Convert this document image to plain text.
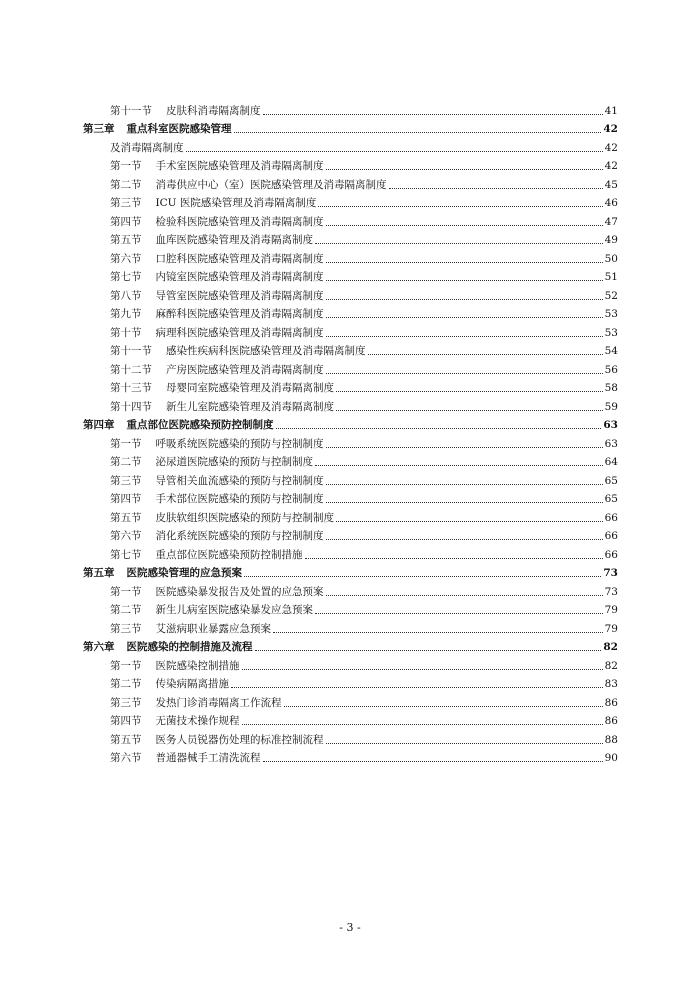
第十一节 皮肤科消毒隔离制度	41
第三章 重点科室医院感染管理	42
及消毒隔离制度	42
第一节 手术室医院感染管理及消毒隔离制度	42
第二节 消毒供应中心（室）医院感染管理及消毒隔离制度	45
第三节 ICU 医院感染管理及消毒隔离制度	46
第四节 检验科医院感染管理及消毒隔离制度	47
第五节 血库医院感染管理及消毒隔离制度	49
第六节 口腔科医院感染管理及消毒隔离制度	50
第七节 内镜室医院感染管理及消毒隔离制度	51
第八节 导管室医院感染管理及消毒隔离制度	52
第九节 麻醉科医院感染管理及消毒隔离制度	53
第十节 病理科医院感染管理及消毒隔离制度	53
第十一节 感染性疾病科医院感染管理及消毒隔离制度	54
第十二节 产房医院感染管理及消毒隔离制度	56
第十三节 母婴同室院感染管理及消毒隔离制度	58
第十四节 新生儿室院感染管理及消毒隔离制度	59
第四章 重点部位医院感染预防控制制度	63
第一节 呼吸系统医院感染的预防与控制制度	63
第二节 泌尿道医院感染的预防与控制制度	64
第三节 导管相关血流感染的预防与控制制度	65
第四节 手术部位医院感染的预防与控制制度	65
第五节 皮肤软组织医院感染的预防与控制制度	66
第六节 消化系统医院感染的预防与控制制度	66
第七节 重点部位医院感染预防控制措施	66
第五章 医院感染管理的应急预案	73
第一节 医院感染暴发报告及处置的应急预案	73
第二节 新生儿病室医院感染暴发应急预案	79
第三节 艾滋病职业暴露应急预案	79
第六章 医院感染的控制措施及流程	82
第一节 医院感染控制措施	82
第二节 传染病隔离措施	83
第三节 发热门诊消毒隔离工作流程	86
第四节 无菌技术操作规程	86
第五节 医务人员锐器伤处理的标准控制流程	88
第六节 普通器械手工清洗流程	90
- 3 -
